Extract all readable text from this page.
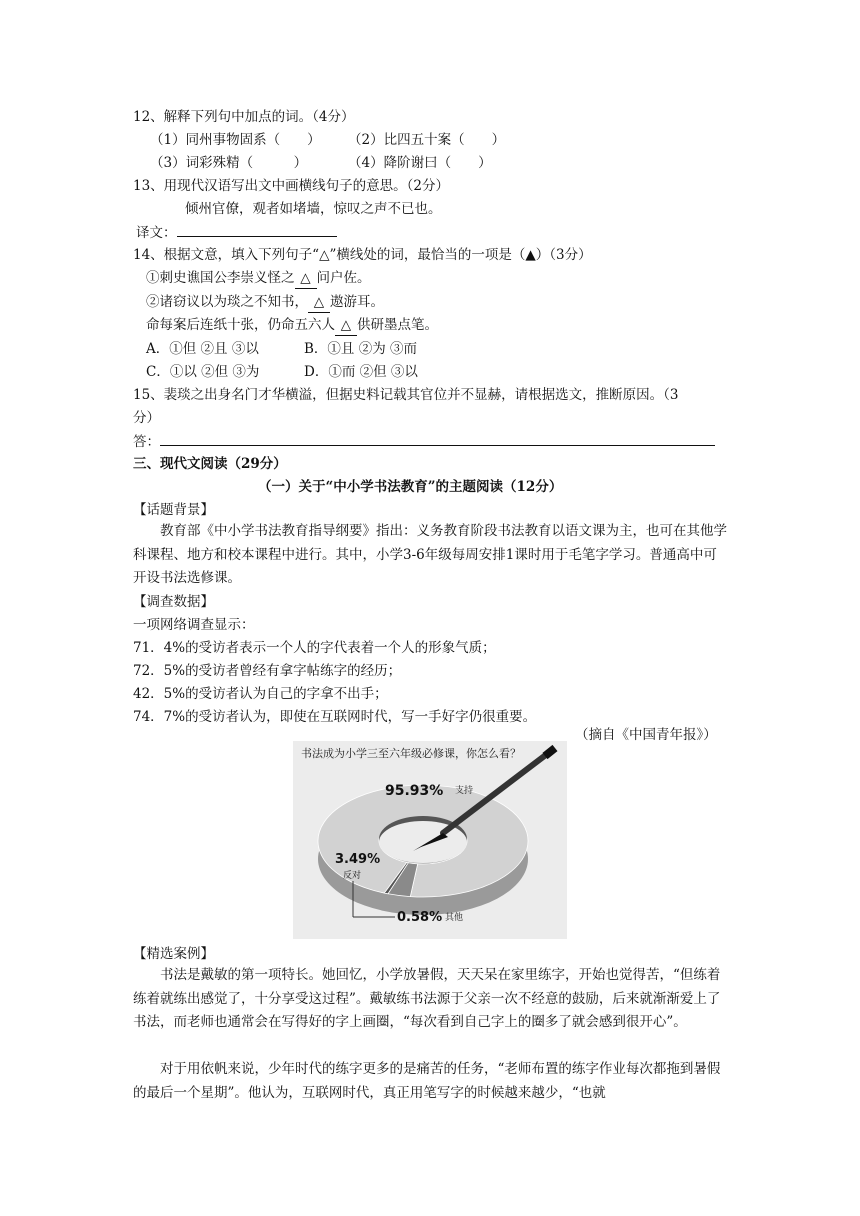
12、解释下列句中加点的词。（4分）
（1）同州事物固系（　　） （2）比四五十案（　　）
（3）词彩殊精（　　　）	（4）降阶谢曰（　　）
13、用现代汉语写出文中画横线句子的意思。（2分）
倾州官僚，观者如堵墙，惊叹之声不已也。
译文：
14、根据文意，填入下列句子“△”横线处的词，最恰当的一项是（▲）（3分）
①刺史谯国公李崇义怪之 △ 问户佐。
②诸窃议以为琰之不知书， △ 遨游耳。
命每案后连纸十张，仍命五六人 △ 供研墨点笔。
A．①但 ②且 ③以	B．①且 ②为 ③而
C．①以 ②但 ③为	D．①而 ②但 ③以
15、裴琰之出身名门才华横溢，但据史料记载其官位并不显赫，请根据选文，推断原因。（3
分）
答：
三、现代文阅读（29分）
（一）关于“中小学书法教育”的主题阅读（12分）
【话题背景】
教育部《中小学书法教育指导纲要》指出：义务教育阶段书法教育以语文课为主，也可在其他学科课程、地方和校本课程中进行。其中，小学3-6年级每周安排1课时用于毛笔字学习。普通高中可开设书法选修课。
【调查数据】
一项网络调查显示：
71．4%的受访者表示一个人的字代表着一个人的形象气质；
72．5%的受访者曾经有拿字帖练字的经历；
42．5%的受访者认为自己的字拿不出手；
74．7%的受访者认为，即使在互联网时代，写一手好字仍很重要。
（摘自《中国青年报》）
书法成为小学三至六年级必修课，你怎么看？
95.93% 支持
3.49%
反对
0.58% 其他
【精选案例】
书法是戴敏的第一项特长。她回忆，小学放暑假，天天呆在家里练字，开始也觉得苦，“但练着练着就练出感觉了，十分享受这过程”。戴敏练书法源于父亲一次不经意的鼓励，后来就渐渐爱上了书法，而老师也通常会在写得好的字上画圈，“每次看到自己字上的圈多了就会感到很开心”。
对于用依帆来说，少年时代的练字更多的是痛苦的任务，“老师布置的练字作业每次都拖到暑假的最后一个星期”。他认为，互联网时代，真正用笔写字的时候越来越少，“也就
